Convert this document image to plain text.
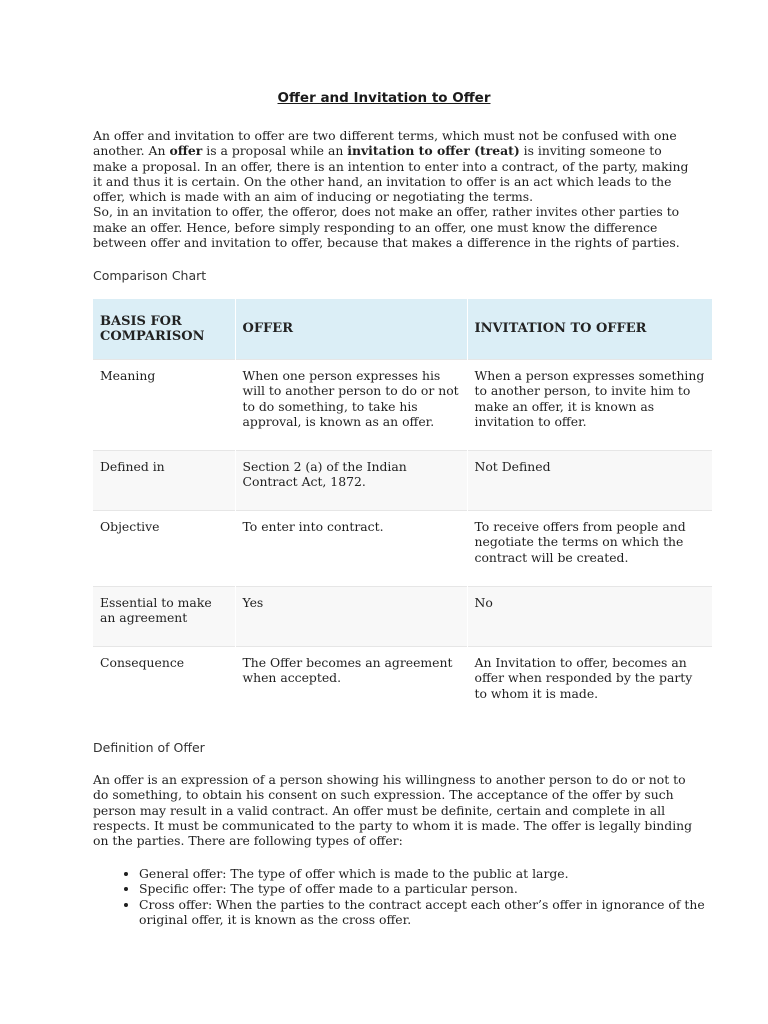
Offer and Invitation to Offer

An offer and invitation to offer are two different terms, which must not be confused with one another. An offer is a proposal while an invitation to offer (treat) is inviting someone to make a proposal. In an offer, there is an intention to enter into a contract, of the party, making it and thus it is certain. On the other hand, an invitation to offer is an act which leads to the offer, which is made with an aim of inducing or negotiating the terms.

So, in an invitation to offer, the offeror, does not make an offer, rather invites other parties to make an offer. Hence, before simply responding to an offer, one must know the difference between offer and invitation to offer, because that makes a difference in the rights of parties.

Comparison Chart
BASIS FOR COMPARISON	OFFER	INVITATION TO OFFER
Meaning	When one person expresses his will to another person to do or not to do something, to take his approval, is known as an offer.	When a person expresses something to another person, to invite him to make an offer, it is known as invitation to offer.
Defined in	Section 2 (a) of the Indian Contract Act, 1872.	Not Defined
Objective	To enter into contract.	To receive offers from people and negotiate the terms on which the contract will be created.
Essential to make an agreement	Yes	No
Consequence	The Offer becomes an agreement when accepted.	An Invitation to offer, becomes an offer when responded by the party to whom it is made.
Definition of Offer

An offer is an expression of a person showing his willingness to another person to do or not to do something, to obtain his consent on such expression. The acceptance of the offer by such person may result in a valid contract. An offer must be definite, certain and complete in all respects. It must be communicated to the party to whom it is made. The offer is legally binding on the parties. There are following types of offer:

• General offer: The type of offer which is made to the public at large.
• Specific offer: The type of offer made to a particular person.
• Cross offer: When the parties to the contract accept each other’s offer in ignorance of the original offer, it is known as the cross offer.
